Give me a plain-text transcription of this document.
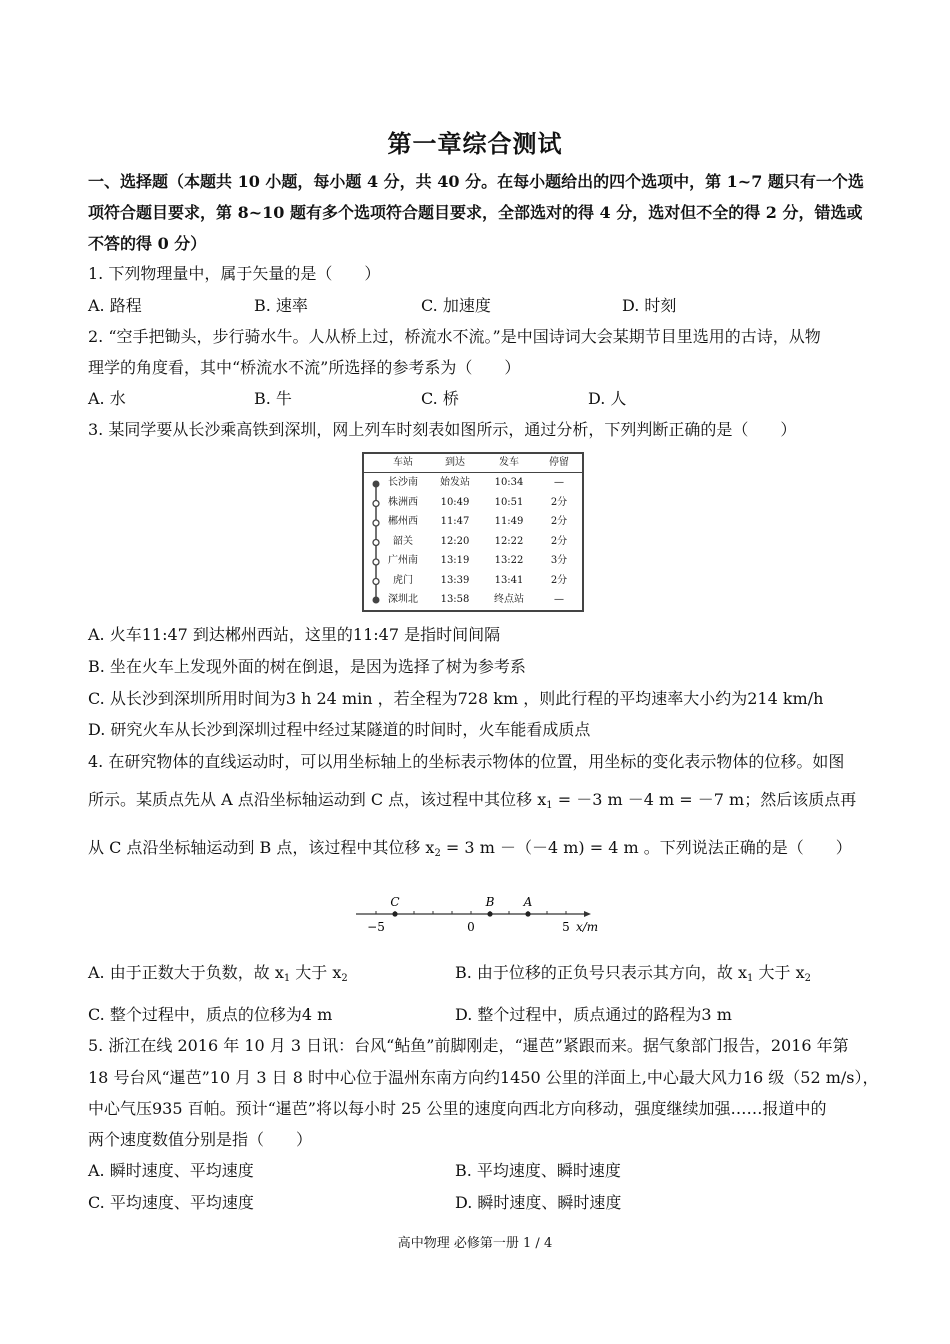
第一章综合测试
一、选择题（本题共 10 小题，每小题 4 分，共 40 分。在每小题给出的四个选项中，第 1~7 题只有一个选
项符合题目要求，第 8~10 题有多个选项符合题目要求，全部选对的得 4 分，选对但不全的得 2 分，错选或
不答的得 0 分）
1. 下列物理量中，属于矢量的是（　　）
A. 路程	B. 速率	C. 加速度	D. 时刻
2. “空手把锄头，步行骑水牛。人从桥上过，桥流水不流。”是中国诗词大会某期节目里选用的古诗，从物
理学的角度看，其中“桥流水不流”所选择的参考系为（　　）
A. 水	B. 牛	C. 桥	D. 人
3. 某同学要从长沙乘高铁到深圳，网上列车时刻表如图所示，通过分析，下列判断正确的是（　　）
车站	到达	发车	停留
长沙南	始发站	10:34	—
株洲西	10:49	10:51	2分
郴州西	11:47	11:49	2分
韶关	12:20	12:22	2分
广州南	13:19	13:22	3分
虎门	13:39	13:41	2分
深圳北	13:58	终点站	—
A. 火车11:47 到达郴州西站，这里的11:47 是指时间间隔
B. 坐在火车上发现外面的树在倒退，是因为选择了树为参考系
C. 从长沙到深圳所用时间为3 h 24 min ，若全程为728 km ，则此行程的平均速率大小约为214 km/h
D. 研究火车从长沙到深圳过程中经过某隧道的时间时，火车能看成质点
4. 在研究物体的直线运动时，可以用坐标轴上的坐标表示物体的位置，用坐标的变化表示物体的位移。如图
所示。某质点先从 A 点沿坐标轴运动到 C 点，该过程中其位移 $x_1 = -3$ m －4 m = －7 m；然后该质点再
从 C 点沿坐标轴运动到 B 点，该过程中其位移 $x_2 = 3$ m －（－4 m) = 4 m 。下列说法正确的是（　　）
−5	0	5 x/m
C	B A
A. 由于正数大于负数，故 $x_1$ 大于 $x_2$	B. 由于位移的正负号只表示其方向，故 $x_1$ 大于 $x_2$
C. 整个过程中，质点的位移为4 m	D. 整个过程中，质点通过的路程为3 m
5. 浙江在线 2016 年 10 月 3 日讯：台风“鲇鱼”前脚刚走，“暹芭”紧跟而来。据气象部门报告，2016 年第
18 号台风“暹芭”10 月 3 日 8 时中心位于温州东南方向约1450 公里的洋面上,中心最大风力16 级（52 m/s），
中心气压935 百帕。预计“暹芭”将以每小时 25 公里的速度向西北方向移动，强度继续加强……报道中的
两个速度数值分别是指（　　）
A. 瞬时速度、平均速度	B. 平均速度、瞬时速度
C. 平均速度、平均速度	D. 瞬时速度、瞬时速度
高中物理 必修第一册 1 / 4
